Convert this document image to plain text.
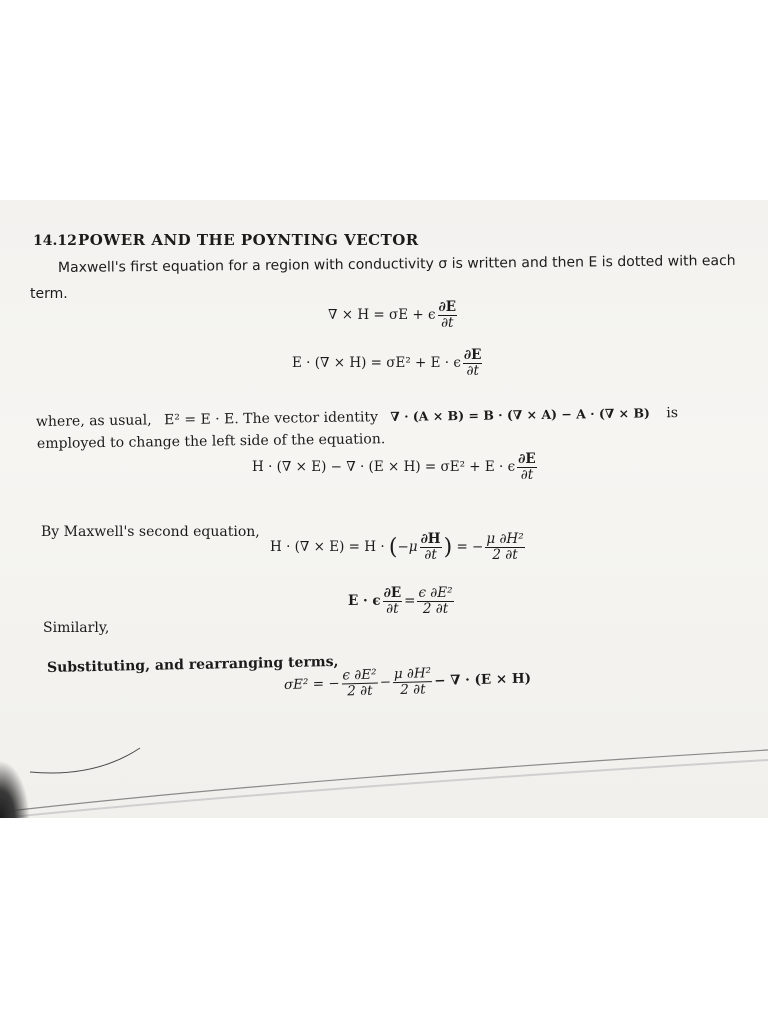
14.12 POWER AND THE POYNTING VECTOR
Maxwell's first equation for a region with conductivity σ is written and then E is dotted with each
term.
∇ × H = σE + ϵ $\frac{\partial E}{\partial t}$
E · (∇ × H) = σE² + E · ϵ $\frac{\partial E}{\partial t}$
where, as usual, E² = E · E. The vector identity ∇ · (A × B) = B · (∇ × A) − A · (∇ × B) is
employed to change the left side of the equation.
H · (∇ × E) − ∇ · (E × H) = σE² + E · ϵ $\frac{\partial E}{\partial t}$
By Maxwell's second equation,
H · (∇ × $E) = H \cdot (-\mu \frac{\partial H}{\partial t}$ ) = − $\frac{\text{μ ∂H²}}{2 \partial t}$
E · ϵ $\frac{\partial E}{\partial t} = \frac{\text{ϵ ∂E²}}{2 \partial t}$
Similarly,
Substituting, and rearranging terms,
σE² = − $\frac{\text{ϵ ∂E²}}{2 \partial t} - \frac{\text{μ ∂H²}}{2 \partial t}$ − ∇ · (E × H)
